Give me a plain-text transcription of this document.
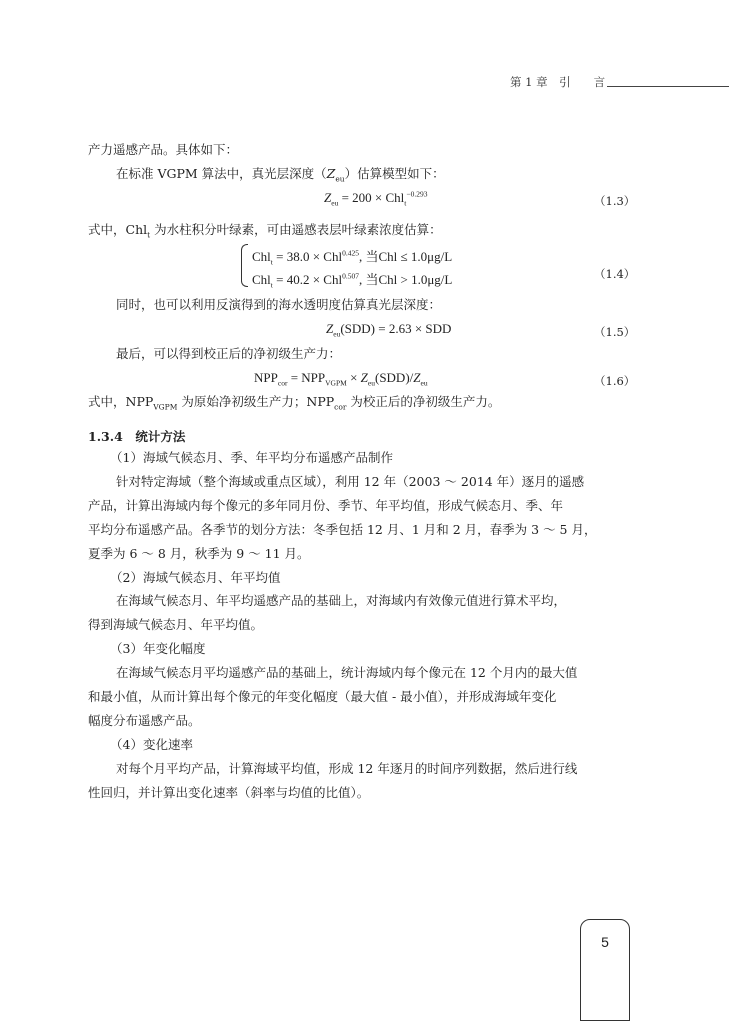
第 1 章　引　　言
产力遥感产品。具体如下：
在标准 VGPM 算法中，真光层深度$(Z_{eu})$估算模型如下：
$Z_{eu} = 200 \times Chl_t^{-0.293}$	（1.3）
式中，Chl$_t$ 为水柱积分叶绿素，可由遥感表层叶绿素浓度估算：
Chl$_t$ = 38.0 × Chl$^{0.425}$, 当Chl ≤ 1.0μg/L
Chl$_t$ = 40.2 × Chl$^{0.507}$, 当Chl > 1.0μg/L	（1.4）
同时，也可以利用反演得到的海水透明度估算真光层深度：
$Z_{eu}(SDD) = 2.63$ × SDD	（1.5）
最后，可以得到校正后的净初级生产力：
$NPP_{cor} = NPP_{VGPM} \times Z_{eu}(SDD)/Z_{eu}$	（1.6）
式中，$NPP_{VGPM}$ 为原始净初级生产力；$NPP_{cor}$ 为校正后的净初级生产力。
1.3.4　 统计方法
（1）海域气候态月、季、年平均分布遥感产品制作
针对特定海域（整个海域或重点区域），利用 12 年（2003 ～ 2014 年）逐月的遥感
产品，计算出海域内每个像元的多年同月份、季节、年平均值，形成气候态月、季、年
平均分布遥感产品。各季节的划分方法：冬季包括 12 月、1 月和 2 月，春季为 3 ～ 5 月，
夏季为 6 ～ 8 月，秋季为 9 ～ 11 月。
（2）海域气候态月、年平均值
在海域气候态月、年平均遥感产品的基础上，对海域内有效像元值进行算术平均，
得到海域气候态月、年平均值。
（3）年变化幅度
在海域气候态月平均遥感产品的基础上，统计海域内每个像元在 12 个月内的最大值
和最小值，从而计算出每个像元的年变化幅度（最大值 - 最小值），并形成海域年变化
幅度分布遥感产品。
（4）变化速率
对每个月平均产品，计算海域平均值，形成 12 年逐月的时间序列数据，然后进行线
性回归，并计算出变化速率（斜率与均值的比值）。
5
